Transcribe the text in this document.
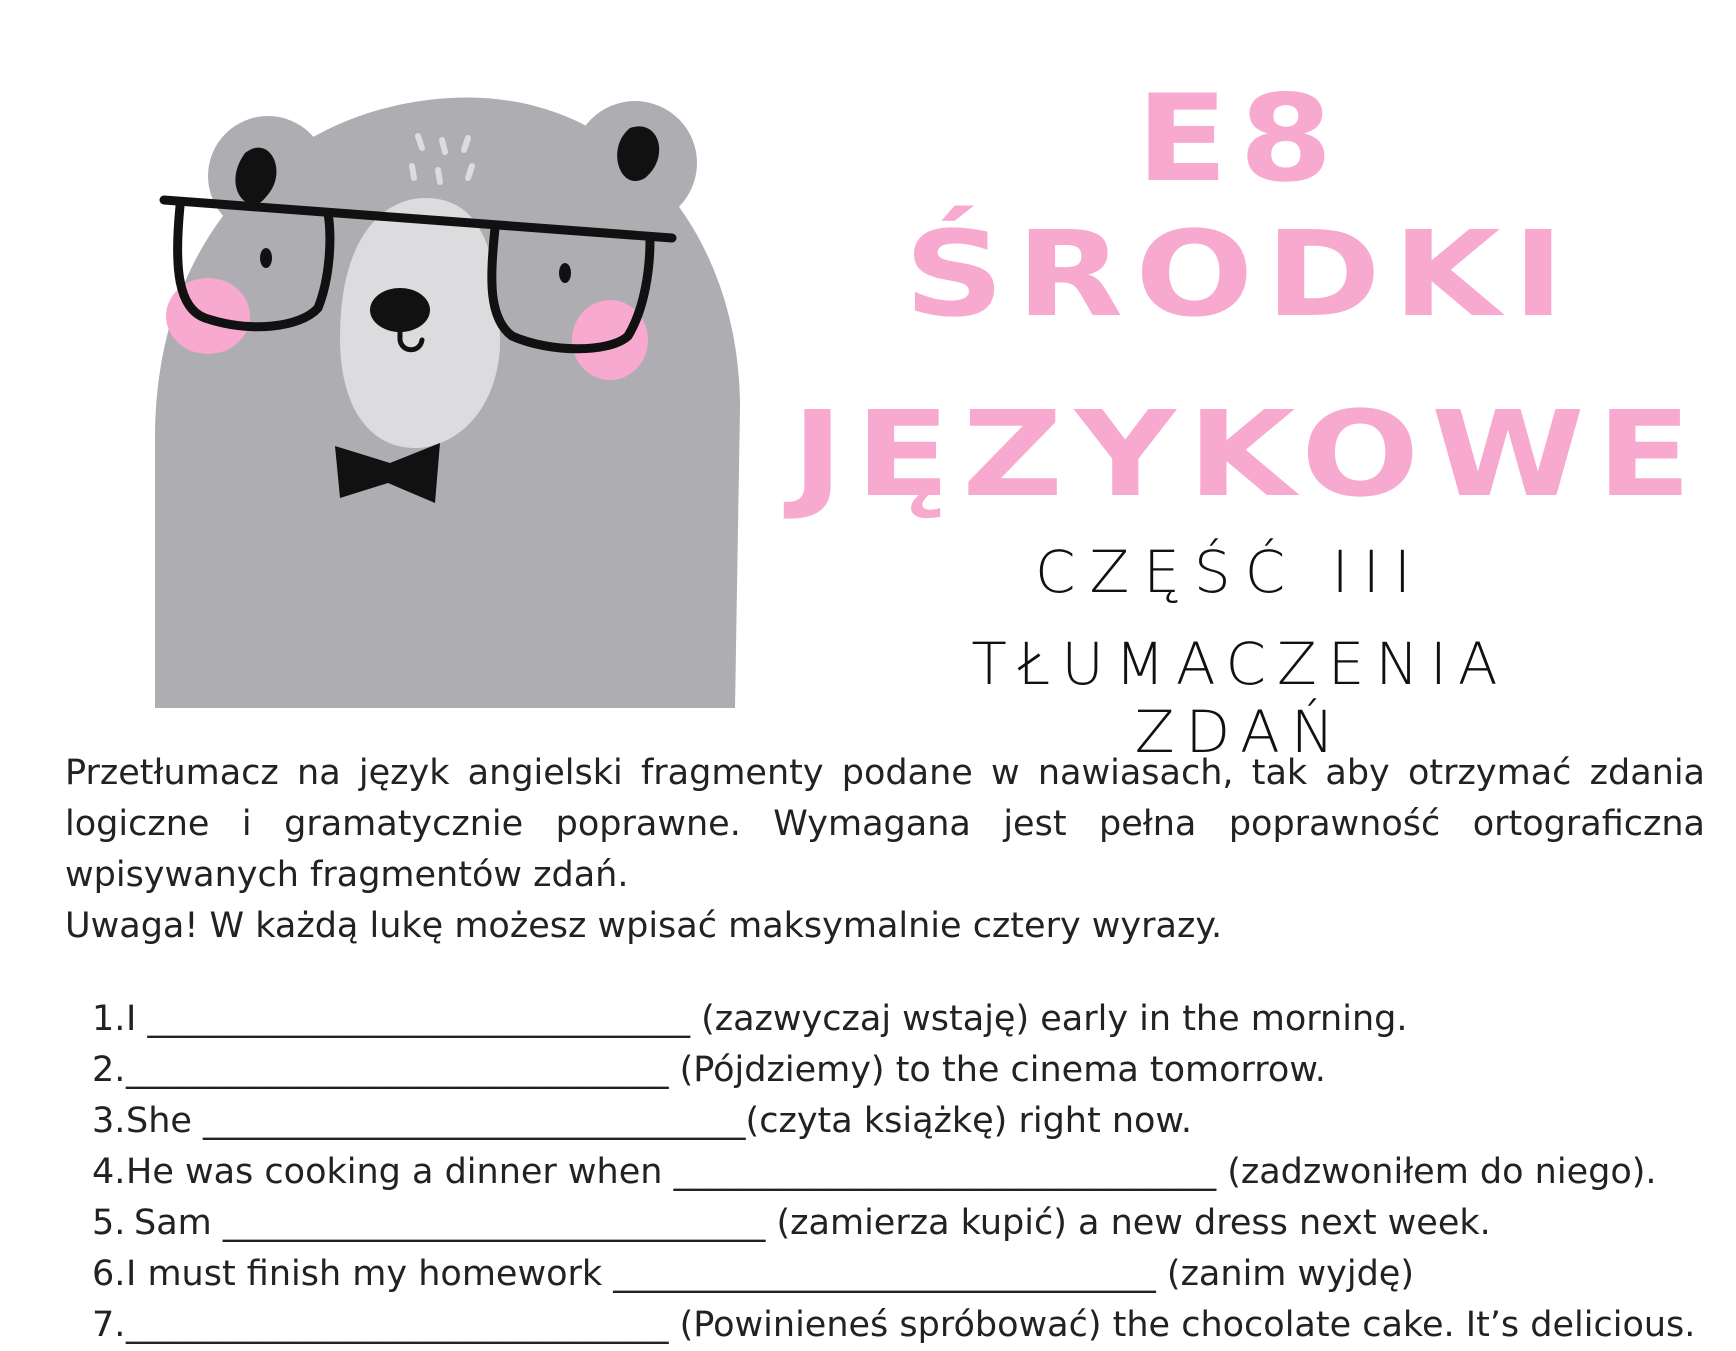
E8
ŚRODKI
JĘZYKOWE
CZĘŚĆ III
TŁUMACZENIA ZDAŃ

Przetłumacz na język angielski fragmenty podane w nawiasach, tak aby otrzymać zdania logiczne i gramatycznie poprawne. Wymagana jest pełna poprawność ortograficzna wpisywanych fragmentów zdań.

Uwaga! W każdą lukę możesz wpisać maksymalnie cztery wyrazy.

1.I _______________________________ (zazwyczaj wstaję) early in the morning.
2._______________________________ (Pójdziemy) to the cinema tomorrow.
3.She _______________________________(czyta książkę) right now.
4.He was cooking a dinner when _______________________________ (zadzwoniłem do niego).
5. Sam _______________________________ (zamierza kupić) a new dress next week.
6.I must finish my homework _______________________________ (zanim wyjdę)
7._______________________________ (Powinieneś spróbować) the chocolate cake. It’s delicious.
